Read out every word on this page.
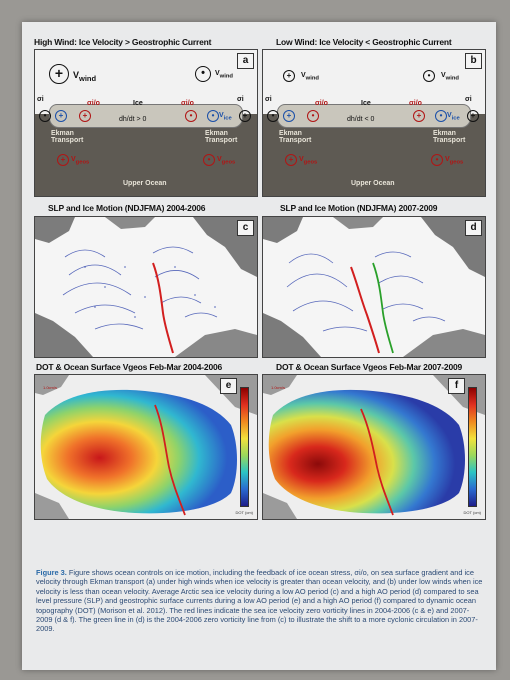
High Wind: Ice Velocity > Geostrophic Current	Low Wind: Ice Velocity < Geostrophic Current
a
+	$V_{wind}$	•	$V_{wind}$
σi	σi
•	+
+	+
σi/o	Ice	σi/o
•	• $V_{ice}$
dh/dt > 0
Ekman Transport
Ekman Transport
+ $V_{geos}$	• $V_{geos}$
Upper Ocean
b
+	$V_{wind}$	•	$V_{wind}$
σi	σi
•	+
+	•
σi/o	Ice	σi/o
+	• $V_{ice}$
dh/dt < 0
Ekman Transport
Ekman Transport
+ $V_{geos}$	• $V_{geos}$
Upper Ocean
SLP and Ice Motion (NDJFMA) 2004-2006	SLP and Ice Motion (NDJFMA) 2007-2009
c	d
DOT & Ocean Surface Vgeos Feb-Mar 2004-2006	DOT & Ocean Surface Vgeos Feb-Mar 2007-2009
1.0cm/s
DOT (cm)
e	1.0cm/s
DOT (cm)
f
Figure 3. Figure shows ocean controls on ice motion, including the feedback of ice ocean stress, σi/o, on sea surface gradient and ice velocity through Ekman transport (a) under high winds when ice velocity is greater than ocean velocity, and (b) under low winds when ice velocity is less than ocean velocity. Average Arctic sea ice velocity during a low AO period (c) and a high AO period (d) compared to sea level pressure (SLP) and geostrophic surface currents during a low AO period (e) and a high AO period (f) compared to dynamic ocean topography (DOT) (Morison et al. 2012). The red lines indicate the sea ice velocity zero vorticity lines in 2004-2006 (c & e) and 2007-2009 (d & f). The green line in (d) is the 2004-2006 zero vorticity line from (c) to illustrate the shift to a more cyclonic circulation in 2007-2009.
